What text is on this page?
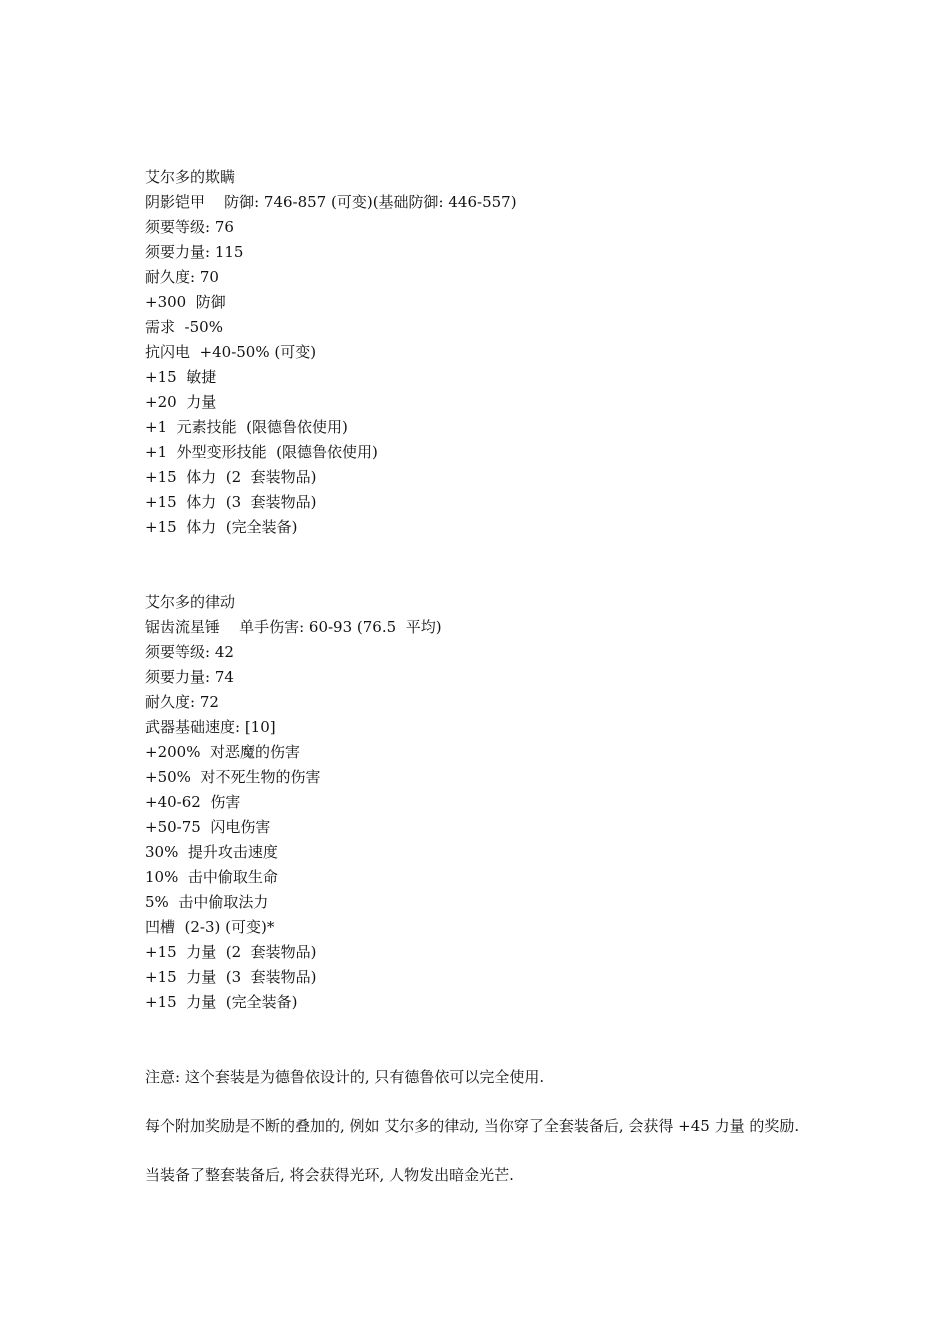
艾尔多的欺瞒
阴影铠甲    防御: 746-857 (可变)(基础防御: 446-557)
须要等级: 76
须要力量: 115
耐久度: 70
+300  防御
需求  -50%
抗闪电  +40-50% (可变)
+15  敏捷
+20  力量
+1  元素技能  (限德鲁依使用)
+1  外型变形技能  (限德鲁依使用)
+15  体力  (2  套装物品)
+15  体力  (3  套装物品)
+15  体力  (完全装备)
艾尔多的律动
锯齿流星锤    单手伤害: 60-93 (76.5  平均)
须要等级: 42
须要力量: 74
耐久度: 72
武器基础速度: [10]
+200%  对恶魔的伤害
+50%  对不死生物的伤害
+40-62  伤害
+50-75  闪电伤害
30%  提升攻击速度
10%  击中偷取生命
5%  击中偷取法力
凹槽  (2-3) (可变)*
+15  力量  (2  套装物品)
+15  力量  (3  套装物品)
+15  力量  (完全装备)
注意: 这个套装是为德鲁依设计的, 只有德鲁依可以完全使用.
每个附加奖励是不断的叠加的, 例如 艾尔多的律动, 当你穿了全套装备后, 会获得 +45 力量 的奖励.
当装备了整套装备后, 将会获得光环, 人物发出暗金光芒.
